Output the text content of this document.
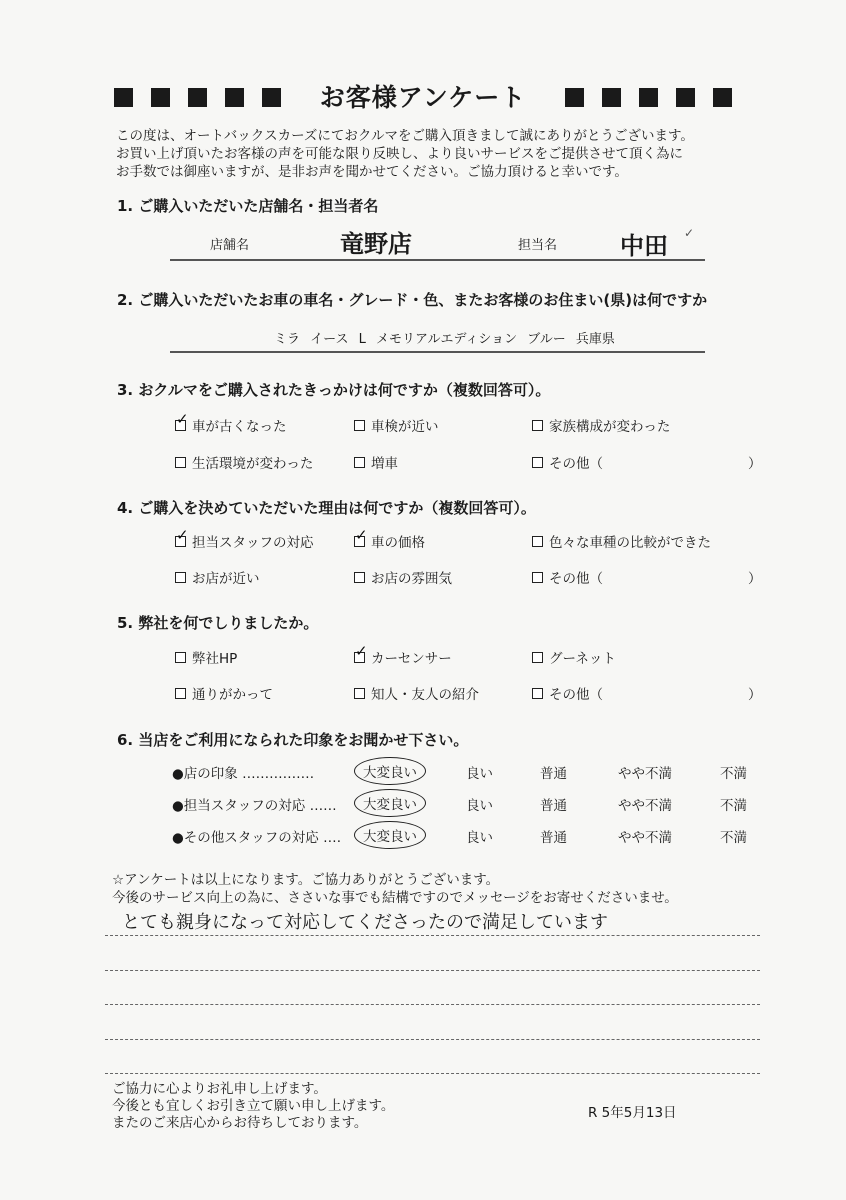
お客様アンケート
この度は、オートバックスカーズにておクルマをご購入頂きまして誠にありがとうございます。
お買い上げ頂いたお客様の声を可能な限り反映し、より良いサービスをご提供させて頂く為に
お手数では御座いますが、是非お声を聞かせてください。ご協力頂けると幸いです。
1. ご購入いただいた店舗名・担当者名
店舗名	竜野店	担当名	中田 ✓
2. ご購入いただいたお車の車名・グレード・色、またお客様のお住まい(県)は何ですか
ミラ イース L メモリアルエディション ブルー 兵庫県
3. おクルマをご購入されたきっかけは何ですか（複数回答可）。
✓ 車が古くなった	車検が近い	家族構成が変わった
生活環境が変わった	増車	その他（	）
4. ご購入を決めていただいた理由は何ですか（複数回答可）。
✓ 担当スタッフの対応	✓ 車の価格	色々な車種の比較ができた
お店が近い	お店の雰囲気	その他（	）
5. 弊社を何でしりましたか。
弊社HP	✓ カーセンサー	グーネット
通りがかって	知人・友人の紹介	その他（	）
6. 当店をご利用になられた印象をお聞かせ下さい。
●店の印象 ‥‥‥‥‥‥‥‥	大変良い	良い	普通	やや不満	不満
●担当スタッフの対応 ‥‥‥	大変良い	良い	普通	やや不満	不満
●その他スタッフの対応 ‥‥	大変良い	良い	普通	やや不満	不満
☆アンケートは以上になります。ご協力ありがとうございます。
今後のサービス向上の為に、ささいな事でも結構ですのでメッセージをお寄せくださいませ。
とても親身になって対応してくださったので満足しています
ご協力に心よりお礼申し上げます。
今後とも宜しくお引き立て願い申し上げます。
またのご来店心からお待ちしております。
R 5年5月13日
